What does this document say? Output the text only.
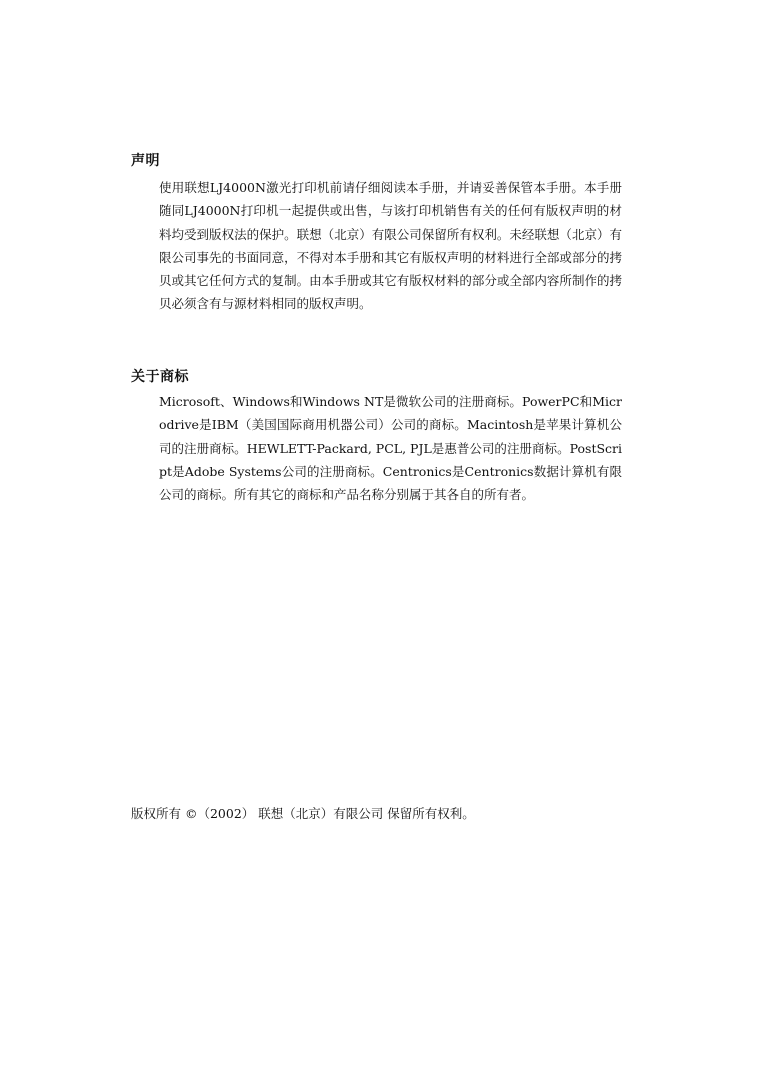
声明

使用联想LJ4000N激光打印机前请仔细阅读本手册，并请妥善保管本手册。本手册随同LJ4000N打印机一起提供或出售，与该打印机销售有关的任何有版权声明的材料均受到版权法的保护。联想（北京）有限公司保留所有权利。未经联想（北京）有限公司事先的书面同意，不得对本手册和其它有版权声明的材料进行全部或部分的拷贝或其它任何方式的复制。由本手册或其它有版权材料的部分或全部内容所制作的拷贝必须含有与源材料相同的版权声明。

关于商标

Microsoft、Windows和Windows NT是微软公司的注册商标。PowerPC和Microdrive是IBM（美国国际商用机器公司）公司的商标。Macintosh是苹果计算机公司的注册商标。HEWLETT-Packard, PCL, PJL是惠普公司的注册商标。PostScript是Adobe Systems公司的注册商标。Centronics是Centronics数据计算机有限公司的商标。所有其它的商标和产品名称分别属于其各自的所有者。

版权所有 ©（2002） 联想（北京）有限公司 保留所有权利。
